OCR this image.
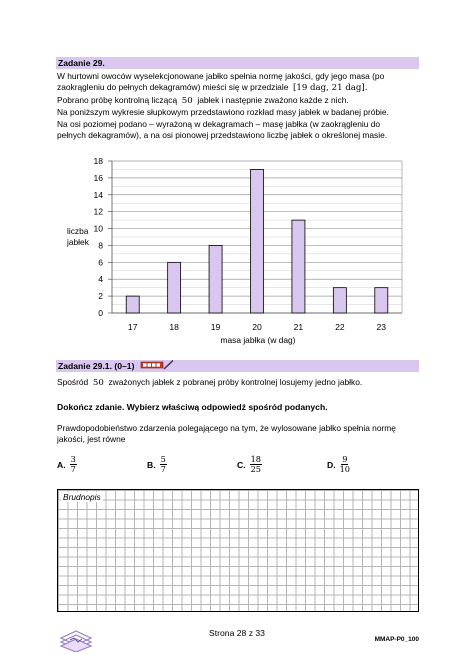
Zadanie 29.

W hurtowni owoców wyselekcjonowane jabłko spełnia normę jakości, gdy jego masa (po

zaokrągleniu do pełnych dekagramów) mieści się w przedziale [19 dag, 21 dag].

Pobrano próbę kontrolną liczącą 50 jabłek i następnie zważono każde z nich.

Na poniższym wykresie słupkowym przedstawiono rozkład masy jabłek w badanej próbie.

Na osi poziomej podano – wyrażoną w dekagramach – masę jabłka (w zaokrągleniu do

pełnych dekagramów), a na osi pionowej przedstawiono liczbę jabłek o określonej masie.

0
2
4
6
8
10
12
14
16
18
17	18	19	20	21	22	23
liczba
jabłek
masa jabłka (w dag)
Zadanie 29.1. (0–1)

Spośród 50 zważonych jabłek z pobranej próby kontrolnej losujemy jedno jabłko.

Dokończ zdanie. Wybierz właściwą odpowiedź spośród podanych.

Prawdopodobieństwo zdarzenia polegającego na tym, że wylosowane jabłko spełnia normę

jakości, jest równe

A. $\frac{3}{7}$	B. $\frac{5}{7}$	C. $\frac{18}{25}$	D. $\frac{9}{10}$
Brudnopis
Strona 28 z 33
MMAP-P0_100
